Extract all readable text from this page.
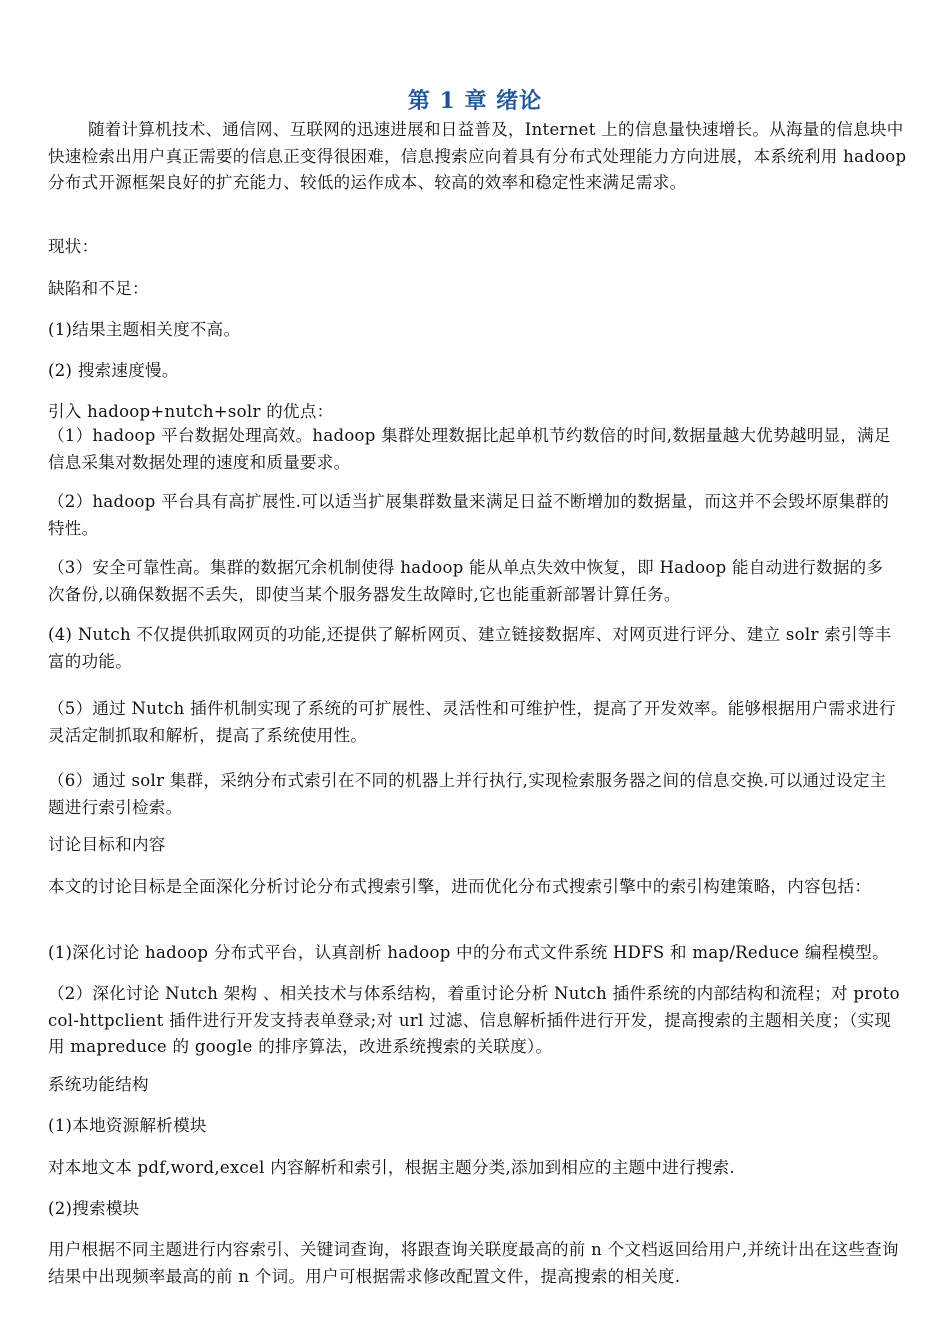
第 1 章 绪论

随着计算机技术、通信网、互联网的迅速进展和日益普及，Internet 上的信息量快速增长。从海量的信息块中快速检索出用户真正需要的信息正变得很困难，信息搜索应向着具有分布式处理能力方向进展，本系统利用 hadoop 分布式开源框架良好的扩充能力、较低的运作成本、较高的效率和稳定性来满足需求。

现状：

缺陷和不足：

(1)结果主题相关度不高。

(2) 搜索速度慢。

引入 hadoop+nutch+solr 的优点：

（1）hadoop 平台数据处理高效。hadoop 集群处理数据比起单机节约数倍的时间,数据量越大优势越明显，满足信息采集对数据处理的速度和质量要求。

（2）hadoop 平台具有高扩展性.可以适当扩展集群数量来满足日益不断增加的数据量，而这并不会毁坏原集群的特性。

（3）安全可靠性高。集群的数据冗余机制使得 hadoop 能从单点失效中恢复，即 Hadoop 能自动进行数据的多次备份,以确保数据不丢失，即使当某个服务器发生故障时,它也能重新部署计算任务。

(4) Nutch 不仅提供抓取网页的功能,还提供了解析网页、建立链接数据库、对网页进行评分、建立 solr 索引等丰富的功能。

（5）通过 Nutch 插件机制实现了系统的可扩展性、灵活性和可维护性，提高了开发效率。能够根据用户需求进行灵活定制抓取和解析，提高了系统使用性。

（6）通过 solr 集群，采纳分布式索引在不同的机器上并行执行,实现检索服务器之间的信息交换.可以通过设定主题进行索引检索。

讨论目标和内容

本文的讨论目标是全面深化分析讨论分布式搜索引擎，进而优化分布式搜索引擎中的索引构建策略，内容包括：

(1)深化讨论 hadoop 分布式平台，认真剖析 hadoop 中的分布式文件系统 HDFS 和 map/Reduce 编程模型。

（2）深化讨论 Nutch 架构 、相关技术与体系结构，着重讨论分析 Nutch 插件系统的内部结构和流程；对 protocol-httpclient 插件进行开发支持表单登录;对 url 过滤、信息解析插件进行开发，提高搜索的主题相关度；（实现用 mapreduce 的 google 的排序算法，改进系统搜索的关联度）。

系统功能结构

(1)本地资源解析模块

对本地文本 pdf,word,excel 内容解析和索引，根据主题分类,添加到相应的主题中进行搜索.

(2)搜索模块

用户根据不同主题进行内容索引、关键词查询，将跟查询关联度最高的前 n 个文档返回给用户,并统计出在这些查询结果中出现频率最高的前 n 个词。用户可根据需求修改配置文件，提高搜索的相关度.
